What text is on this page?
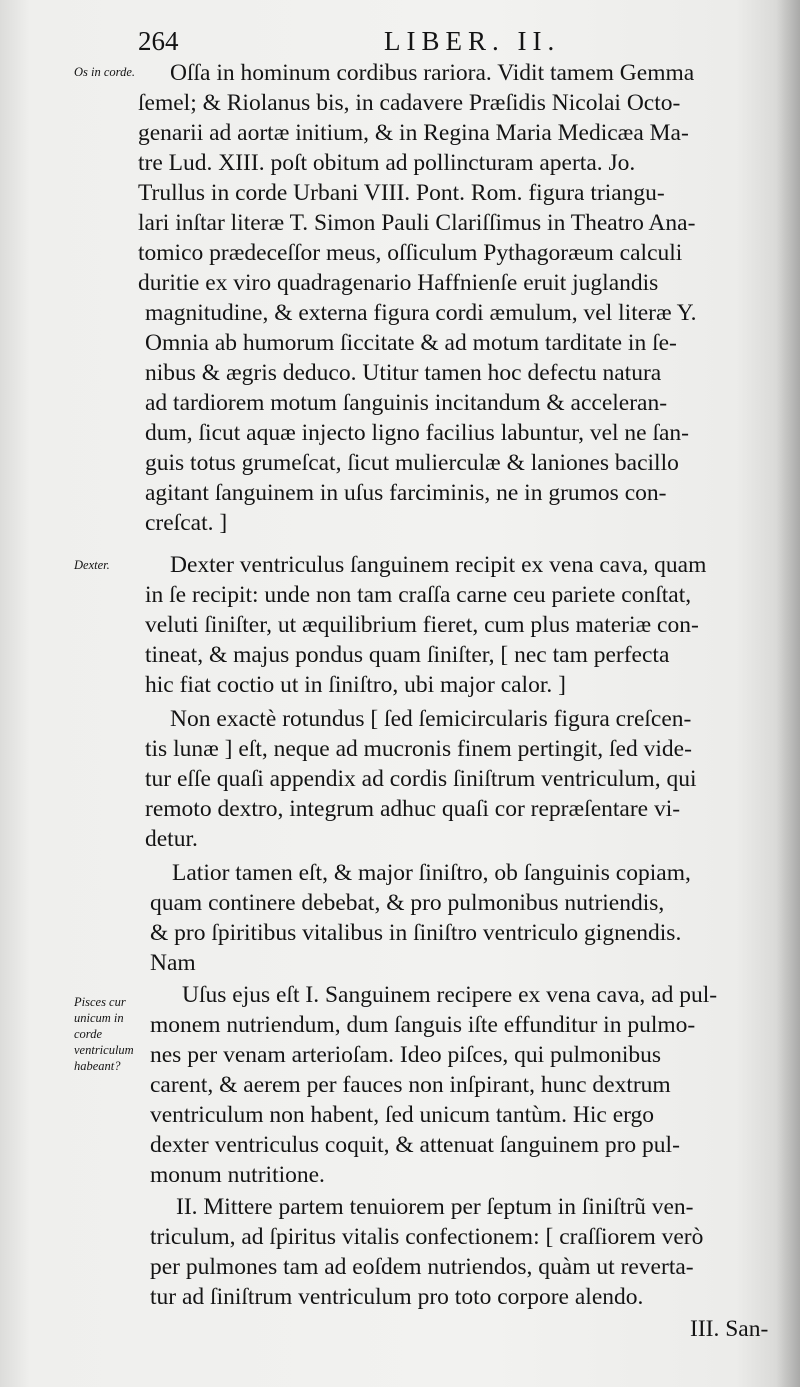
264	LIBER. II.
Os in corde.
Dexter.
Pisces cur unicum in corde ventriculum habeant?
Oſſa in hominum cordibus rariora. Vidit tamem Gemma
ſemel; & Riolanus bis, in cadavere Præſidis Nicolai Octo-
genarii ad aortæ initium, & in Regina Maria Medicæa Ma-
tre Lud. XIII. poſt obitum ad pollincturam aperta. Jo.
Trullus in corde Urbani VIII. Pont. Rom. figura triangu-
lari inſtar literæ T. Simon Pauli Clariſſimus in Theatro Ana-
tomico prædeceſſor meus, oſſiculum Pythagoræum calculi
duritie ex viro quadragenario Haffnienſe eruit juglandis
magnitudine, & externa figura cordi æmulum, vel literæ Y.
Omnia ab humorum ſiccitate & ad motum tarditate in ſe-
nibus & ægris deduco. Utitur tamen hoc defectu natura
ad tardiorem motum ſanguinis incitandum & acceleran-
dum, ſicut aquæ injecto ligno facilius labuntur, vel ne ſan-
guis totus grumeſcat, ſicut mulierculæ & laniones bacillo
agitant ſanguinem in uſus farciminis, ne in grumos con-
creſcat. ]
Dexter ventriculus ſanguinem recipit ex vena cava, quam
in ſe recipit: unde non tam craſſa carne ceu pariete conſtat,
veluti ſiniſter, ut æquilibrium fieret, cum plus materiæ con-
tineat, & majus pondus quam ſiniſter, [ nec tam perfecta
hic fiat coctio ut in ſiniſtro, ubi major calor. ]
Non exactè rotundus [ ſed ſemicircularis figura creſcen-
tis lunæ ] eſt, neque ad mucronis finem pertingit, ſed vide-
tur eſſe quaſi appendix ad cordis ſiniſtrum ventriculum, qui
remoto dextro, integrum adhuc quaſi cor repræſentare vi-
detur.
Latior tamen eſt, & major ſiniſtro, ob ſanguinis copiam,
quam continere debebat, & pro pulmonibus nutriendis,
& pro ſpiritibus vitalibus in ſiniſtro ventriculo gignendis.
Nam
Uſus ejus eſt I. Sanguinem recipere ex vena cava, ad pul-
monem nutriendum, dum ſanguis iſte effunditur in pulmo-
nes per venam arterioſam. Ideo piſces, qui pulmonibus
carent, & aerem per fauces non inſpirant, hunc dextrum
ventriculum non habent, ſed unicum tantùm. Hic ergo
dexter ventriculus coquit, & attenuat ſanguinem pro pul-
monum nutritione.
II. Mittere partem tenuiorem per ſeptum in ſiniſtrũ ven-
triculum, ad ſpiritus vitalis confectionem: [ craſſiorem verò
per pulmones tam ad eoſdem nutriendos, quàm ut reverta-
tur ad ſiniſtrum ventriculum pro toto corpore alendo.
III. San-
